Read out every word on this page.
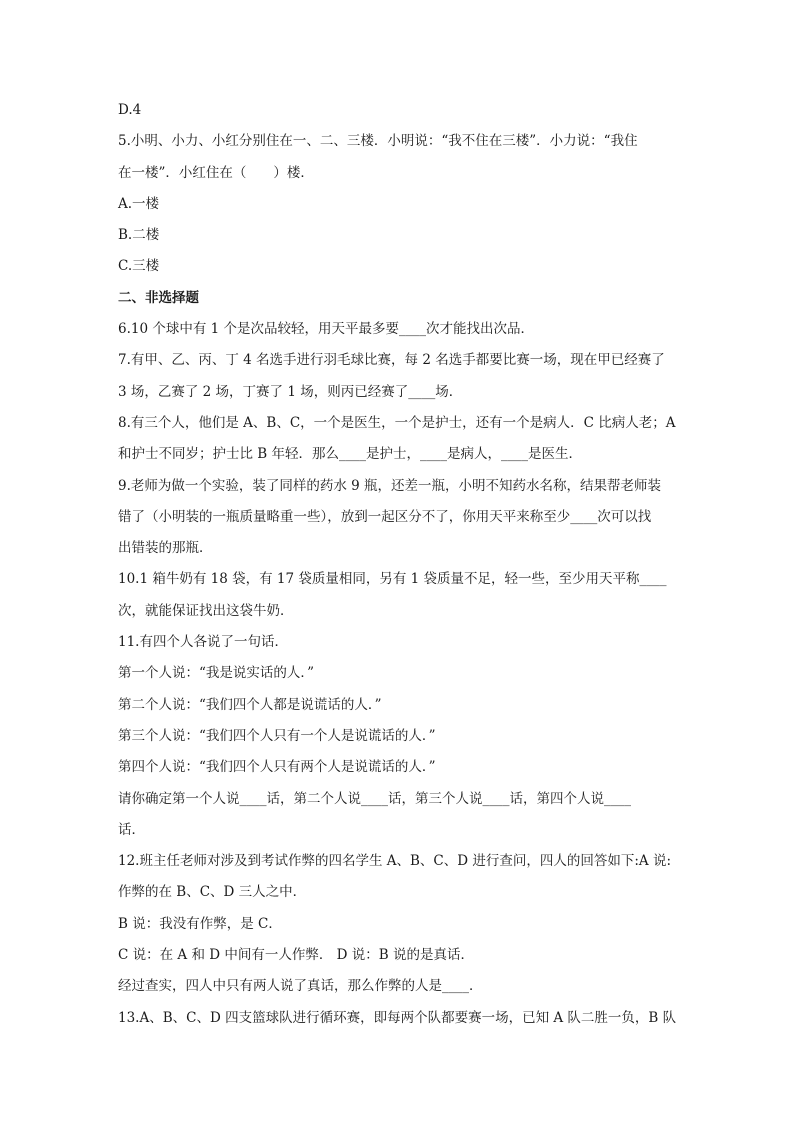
D.4
5.小明、小力、小红分别住在一、二、三楼．小明说：“我不住在三楼”．小力说：“我住
在一楼”．小红住在（　　）楼．
A.一楼
B.二楼
C.三楼
二、非选择题
6.10 个球中有 1 个是次品较轻，用天平最多要____次才能找出次品．
7.有甲、乙、丙、丁 4 名选手进行羽毛球比赛，每 2 名选手都要比赛一场，现在甲已经赛了
3 场，乙赛了 2 场，丁赛了 1 场，则丙已经赛了____场．
8.有三个人，他们是 A、B、C，一个是医生，一个是护士，还有一个是病人．C 比病人老；A
和护士不同岁；护士比 B 年轻．那么____是护士，____是病人，____是医生．
9.老师为做一个实验，装了同样的药水 9 瓶，还差一瓶，小明不知药水名称，结果帮老师装
错了（小明装的一瓶质量略重一些），放到一起区分不了，你用天平来称至少____次可以找
出错装的那瓶．
10.1 箱牛奶有 18 袋，有 17 袋质量相同，另有 1 袋质量不足，轻一些，至少用天平称____
次，就能保证找出这袋牛奶．
11.有四个人各说了一句话．
第一个人说：“我是说实话的人．”
第二个人说：“我们四个人都是说谎话的人．”
第三个人说：“我们四个人只有一个人是说谎话的人．”
第四个人说：“我们四个人只有两个人是说谎话的人．”
请你确定第一个人说____话，第二个人说____话，第三个人说____话，第四个人说____
话．
12.班主任老师对涉及到考试作弊的四名学生 A、B、C、D 进行查问，四人的回答如下:A 说:
作弊的在 B、C、D 三人之中．
B 说：我没有作弊，是 C．
C 说：在 A 和 D 中间有一人作弊． D 说：B 说的是真话．
经过查实，四人中只有两人说了真话，那么作弊的人是____．
13.A、B、C、D 四支篮球队进行循环赛，即每两个队都要赛一场，已知 A 队二胜一负，B 队
